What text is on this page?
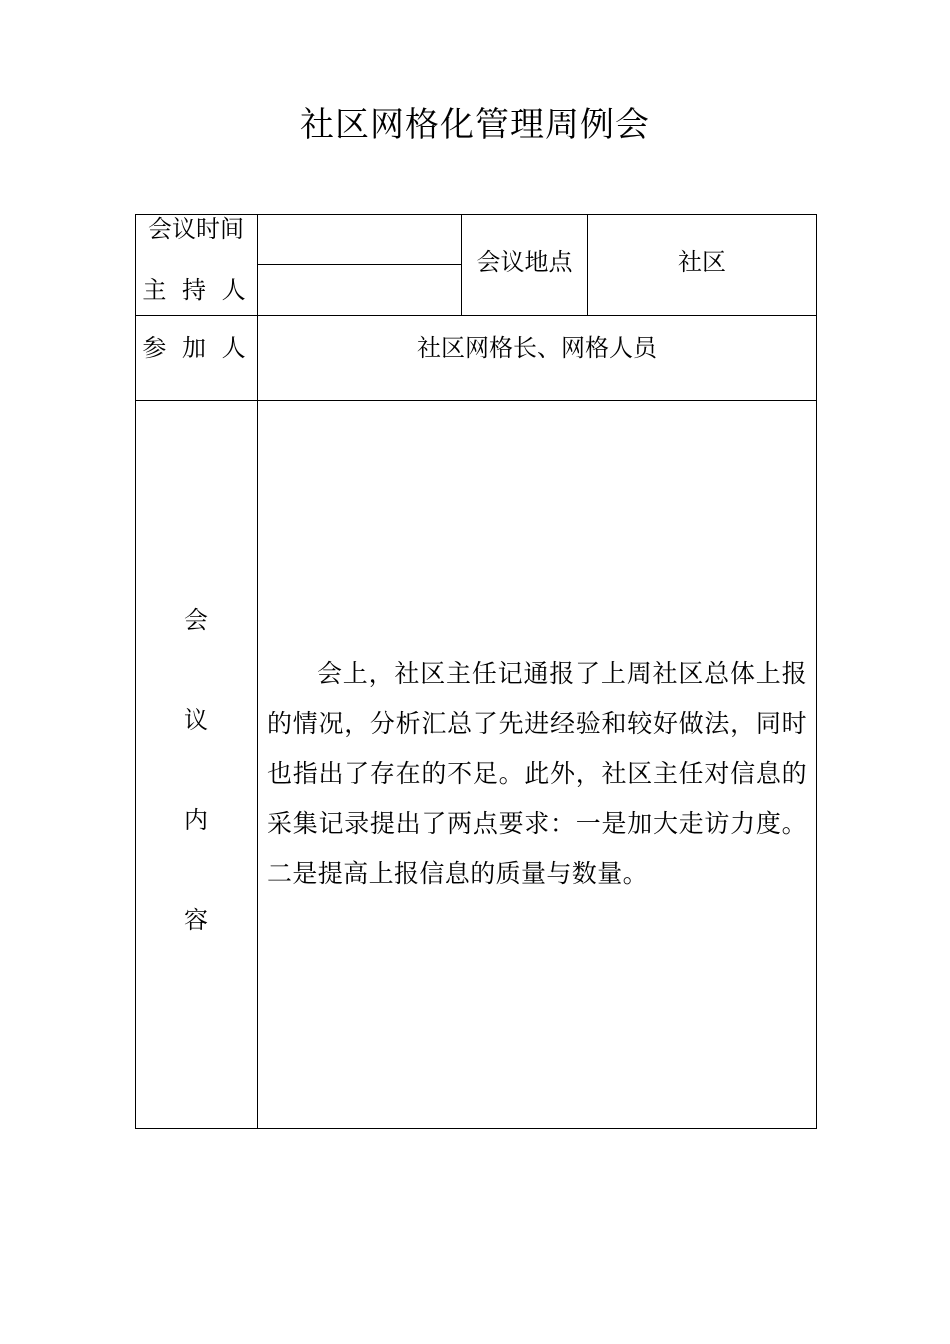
社区网格化管理周例会
会议时间
主 持 人
会议地点	社区
参 加 人	社区网格长、网格人员
会
议
内
容

会上，社区主任记通报了上周社区总体上报的情况，分析汇总了先进经验和较好做法，同时也指出了存在的不足。此外，社区主任对信息的采集记录提出了两点要求：一是加大走访力度。二是提高上报信息的质量与数量。
